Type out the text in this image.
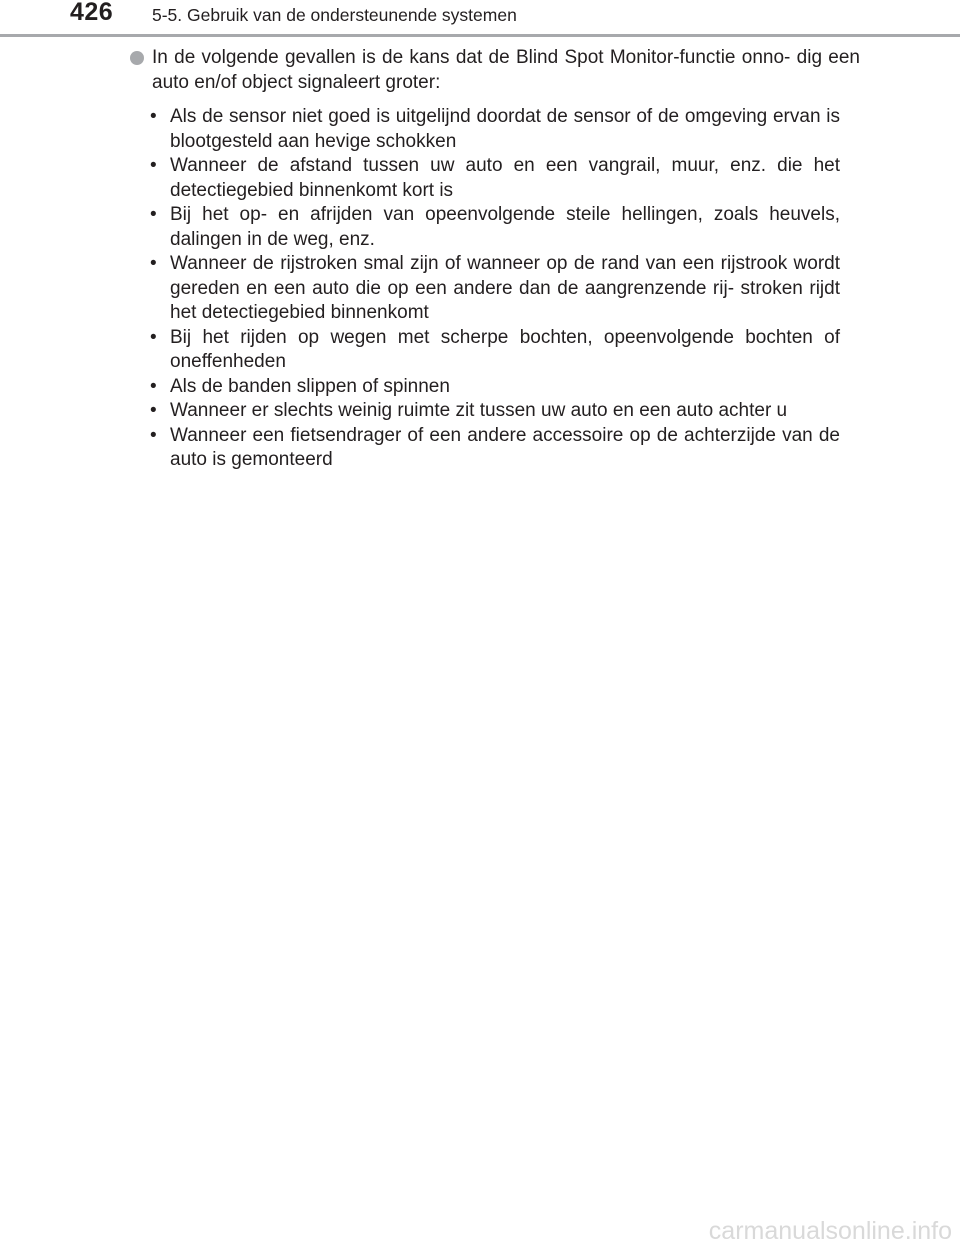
426 5-5. Gebruik van de ondersteunende systemen
In de volgende gevallen is de kans dat de Blind Spot Monitor-functie onno- dig een auto en/of object signaleert groter:
• Als de sensor niet goed is uitgelijnd doordat de sensor of de omgeving ervan is blootgesteld aan hevige schokken
• Wanneer de afstand tussen uw auto en een vangrail, muur, enz. die het detectiegebied binnenkomt kort is
• Bij het op- en afrijden van opeenvolgende steile hellingen, zoals heuvels, dalingen in de weg, enz.
• Wanneer de rijstroken smal zijn of wanneer op de rand van een rijstrook wordt gereden en een auto die op een andere dan de aangrenzende rij- stroken rijdt het detectiegebied binnenkomt
• Bij het rijden op wegen met scherpe bochten, opeenvolgende bochten of oneffenheden
• Als de banden slippen of spinnen
• Wanneer er slechts weinig ruimte zit tussen uw auto en een auto achter u
• Wanneer een fietsendrager of een andere accessoire op de achterzijde van de auto is gemonteerd
carmanualsonline.info
